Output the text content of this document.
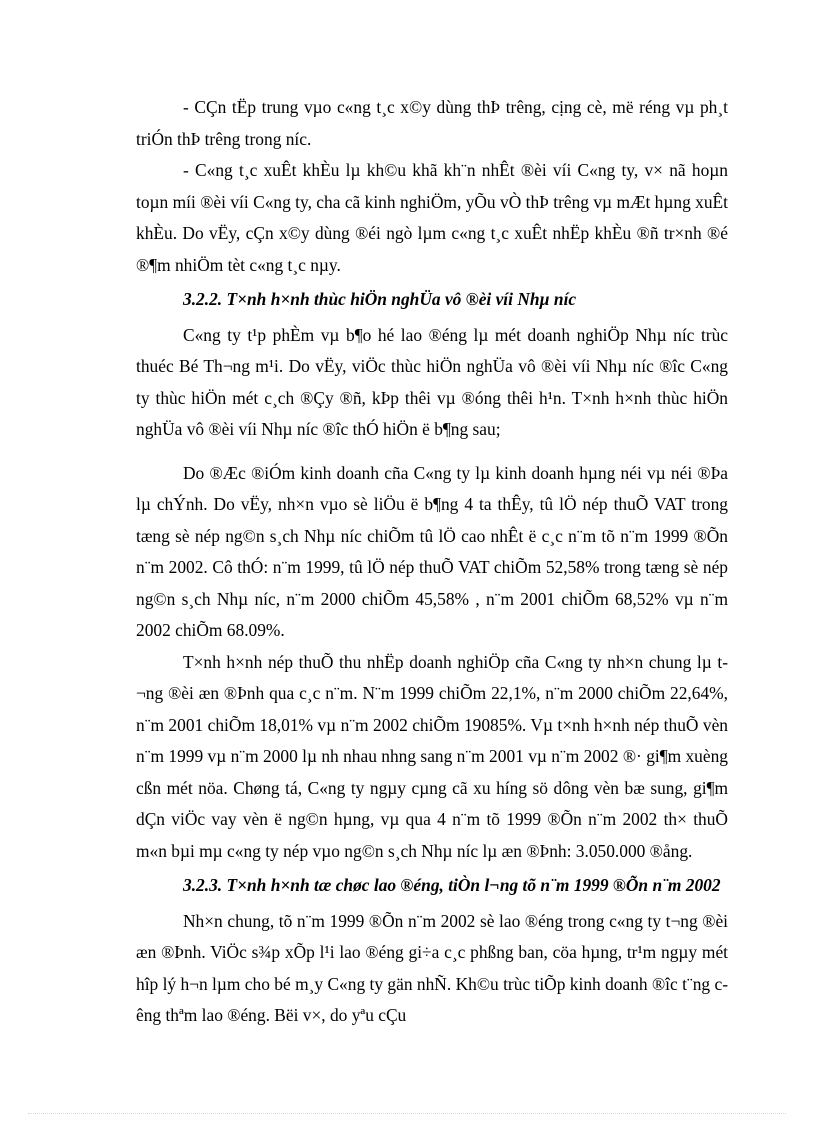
- CÇn tËp trung vµo c«ng t¸c x©y dùng thÞ trêng, cịng cè, më réng vµ ph¸t triÓn thÞ trêng trong níc.

- C«ng t¸c xuÊt khÈu lµ kh©u khã kh¨n nhÊt ®èi víi C«ng ty, v× nã hoµn toµn míi ®èi víi C«ng ty, cha cã kinh nghiÖm, yÕu vÒ thÞ trêng vµ mÆt hµng xuÊt khÈu. Do vËy, cÇn x©y dùng ®éi ngò lµm c«ng t¸c xuÊt nhËp khÈu ®ñ tr×nh ®é ®¶m nhiÖm tèt c«ng t¸c nµy.

3.2.2. T×nh h×nh thùc hiÖn nghÜa vô ®èi víi Nhµ níc

C«ng ty t¹p phÈm vµ b¶o hé lao ®éng lµ mét doanh nghiÖp Nhµ níc trùc thuéc Bé Th¬ng m¹i. Do vËy, viÖc thùc hiÖn nghÜa vô ®èi víi Nhµ níc ®îc C«ng ty thùc hiÖn mét c¸ch ®Çy ®ñ, kÞp thêi vµ ®óng thêi h¹n. T×nh h×nh thùc hiÖn nghÜa vô ®èi víi Nhµ níc ®îc thÓ hiÖn ë b¶ng sau;

Do ®Æc ®iÓm kinh doanh cña C«ng ty lµ kinh doanh hµng néi vµ néi ®Þa lµ chÝnh. Do vËy, nh×n vµo sè liÖu ë b¶ng 4 ta thÊy, tû lÖ nép thuÕ VAT trong tæng sè nép ng©n s¸ch Nhµ níc chiÕm tû lÖ cao nhÊt ë c¸c n¨m tõ n¨m 1999 ®Õn n¨m 2002. Cô thÓ: n¨m 1999, tû lÖ nép thuÕ VAT chiÕm 52,58% trong tæng sè nép ng©n s¸ch Nhµ níc, n¨m 2000 chiÕm 45,58% , n¨m 2001 chiÕm 68,52% vµ n¨m 2002 chiÕm 68.09%.

T×nh h×nh nép thuÕ thu nhËp doanh nghiÖp cña C«ng ty nh×n chung lµ t¬ng ®èi æn ®Þnh qua c¸c n¨m. N¨m 1999 chiÕm 22,1%, n¨m 2000 chiÕm 22,64%, n¨m 2001 chiÕm 18,01% vµ n¨m 2002 chiÕm 19085%. Vµ t×nh h×nh nép thuÕ vèn n¨m 1999 vµ n¨m 2000 lµ nh nhau nhng sang n¨m 2001 vµ n¨m 2002 ®· gi¶m xuèng cßn mét nöa. Chøng tá, C«ng ty ngµy cµng cã xu híng sö dông vèn bæ sung, gi¶m dÇn viÖc vay vèn ë ng©n hµng, vµ qua 4 n¨m tõ 1999 ®Õn n¨m 2002 th× thuÕ m«n bµi mµ c«ng ty nép vµo ng©n s¸ch Nhµ níc lµ æn ®Þnh: 3.050.000 ®ång.

3.2.3. T×nh h×nh tæ chøc lao ®éng, tiÒn l¬ng tõ n¨m 1999 ®Õn n¨m 2002

Nh×n chung, tõ n¨m 1999 ®Õn n¨m 2002 sè lao ®éng trong c«ng ty t¬ng ®èi æn ®Þnh. ViÖc s¾p xÕp l¹i lao ®éng gi÷a c¸c phßng ban, cöa hµng, tr¹m ngµy mét hîp lý h¬n lµm cho bé m¸y C«ng ty gän nhÑ. Kh©u trùc tiÕp kinh doanh ®îc t¨ng cêng thªm lao ®éng. Bëi v×, do yªu cÇu
